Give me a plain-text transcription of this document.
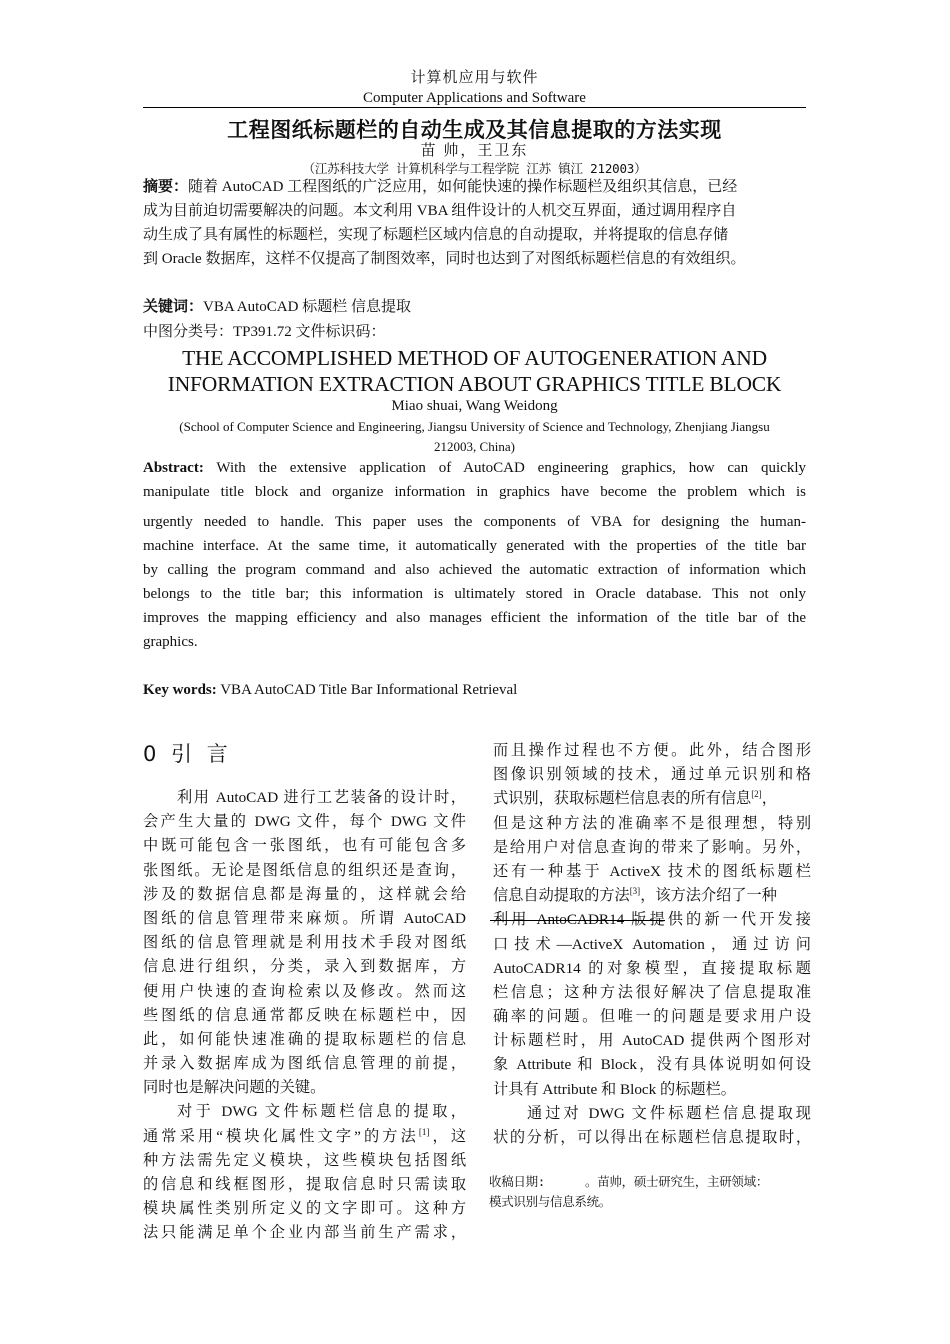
计算机应用与软件
Computer Applications and Software
工程图纸标题栏的自动生成及其信息提取的方法实现
苗 帅，王卫东
（江苏科技大学 计算机科学与工程学院 江苏 镇江 212003）
摘要：随着 AutoCAD 工程图纸的广泛应用，如何能快速的操作标题栏及组织其信息，已经
成为目前迫切需要解决的问题。本文利用 VBA 组件设计的人机交互界面，通过调用程序自
动生成了具有属性的标题栏，实现了标题栏区域内信息的自动提取，并将提取的信息存储
到 Oracle 数据库，这样不仅提高了制图效率，同时也达到了对图纸标题栏信息的有效组织。
关键词：VBA AutoCAD 标题栏 信息提取
中图分类号：TP391.72 文件标识码：
THE ACCOMPLISHED METHOD OF AUTOGENERATION AND
INFORMATION EXTRACTION ABOUT GRAPHICS TITLE BLOCK
Miao shuai, Wang Weidong
(School of Computer Science and Engineering, Jiangsu University of Science and Technology, Zhenjiang Jiangsu
212003, China)
Abstract: With the extensive application of AutoCAD engineering graphics, how can quickly
manipulate title block and organize information in graphics have become the problem which is
urgently needed to handle. This paper uses the components of VBA for designing the human-
machine interface. At the same time, it automatically generated with the properties of the title bar
by calling the program command and also achieved the automatic extraction of information which
belongs to the title bar; this information is ultimately stored in Oracle database. This not only
improves the mapping efficiency and also manages efficient the information of the title bar of the
graphics.
Key words: VBA AutoCAD Title Bar Informational Retrieval
0 引 言
利用 AutoCAD 进行工艺装备的设计时，
会产生大量的 DWG 文件，每个 DWG 文件
中既可能包含一张图纸，也有可能包含多
张图纸。无论是图纸信息的组织还是查询，
涉及的数据信息都是海量的，这样就会给
图纸的信息管理带来麻烦。所谓 AutoCAD
图纸的信息管理就是利用技术手段对图纸
信息进行组织，分类，录入到数据库，方
便用户快速的查询检索以及修改。然而这
些图纸的信息通常都反映在标题栏中，因
此，如何能快速准确的提取标题栏的信息
并录入数据库成为图纸信息管理的前提，
同时也是解决问题的关键。
对于 DWG 文件标题栏信息的提取，
通常采用“模块化属性文字”的方法[1]，这
种方法需先定义模块，这些模块包括图纸
的信息和线框图形，提取信息时只需读取
模块属性类别所定义的文字即可。这种方
法只能满足单个企业内部当前生产需求，
而且操作过程也不方便。此外，结合图形
图像识别领域的技术，通过单元识别和格
式识别，获取标题栏信息表的所有信息[2]，
但是这种方法的准确率不是很理想，特别
是给用户对信息查询的带来了影响。另外，
还有一种基于 ActiveX 技术的图纸标题栏
信息自动提取的方法[3]，该方法介绍了一种
利用 AntoCADR14 版提供的新一代开发接
口技术—ActiveX Automation，通过访问
AutoCADR14 的对象模型，直接提取标题
栏信息；这种方法很好解决了信息提取准
确率的问题。但唯一的问题是要求用户设
计标题栏时，用 AutoCAD 提供两个图形对
象 Attribute 和 Block，没有具体说明如何设
计具有 Attribute 和 Block 的标题栏。
通过对 DWG 文件标题栏信息提取现
状的分析，可以得出在标题栏信息提取时，
收稿日期:	。苗帅，硕士研究生，主研领域：
模式识别与信息系统。
